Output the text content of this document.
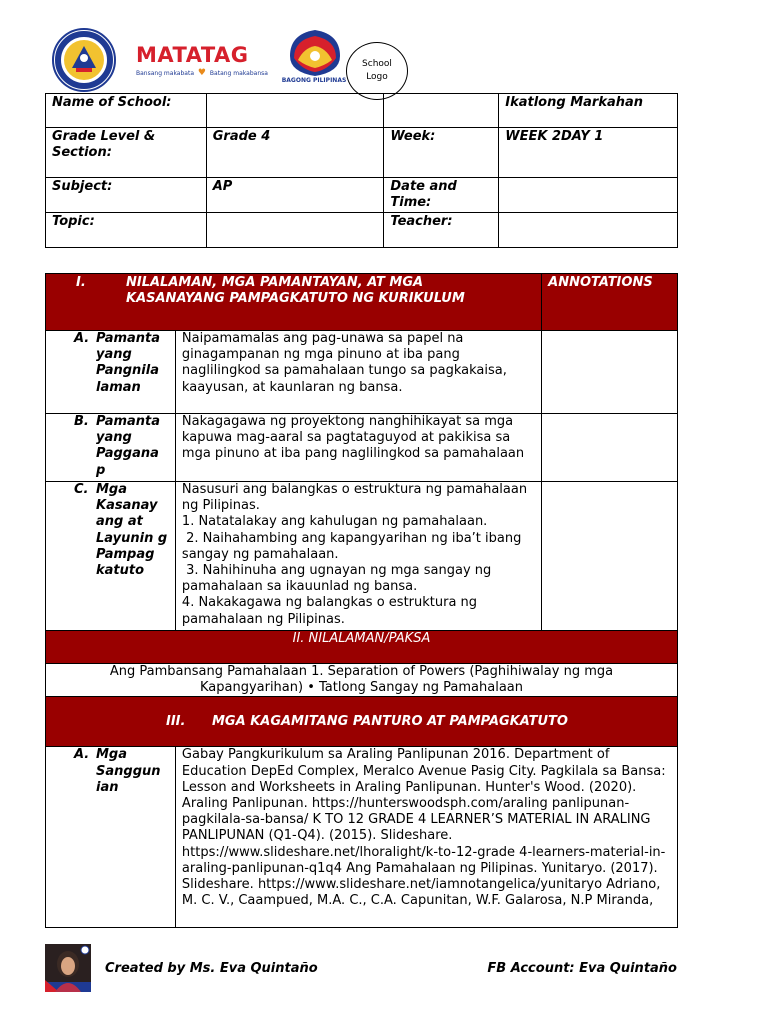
MATATAG
Bansang makabata ♥ Batang makabansa
BAGONG PILIPINAS
School
Logo
Name of School:			Ikatlong Markahan
Grade Level & Section:	Grade 4	Week:	WEEK 2DAY 1
Subject:	AP	Date and Time:	
Topic:		Teacher:	
I. NILALAMAN, MGA PAMANTAYAN, AT MGA KASANAYANG PAMPAGKATUTO NG KURIKULUM		ANNOTATIONS
A. Pamanta yang Pangnila laman	Naipamamalas ang pag-unawa sa papel na ginagampanan ng mga pinuno at iba pang naglilingkod sa pamahalaan tungo sa pagkakaisa, kaayusan, at kaunlaran ng bansa.	
B. Pamanta yang Paggana p	Nakagagawa ng proyektong nanghihikayat sa mga kapuwa mag-aaral sa pagtataguyod at pakikisa sa mga pinuno at iba pang naglilingkod sa pamahalaan	
C. Mga Kasanay ang at Layunin g Pampag katuto	Nasusuri ang balangkas o estruktura ng pamahalaan ng Pilipinas.
1. Natatalakay ang kahulugan ng pamahalaan.
2. Naihahambing ang kapangyarihan ng iba’t ibang sangay ng pamahalaan.
3. Nahihinuha ang ugnayan ng mga sangay ng pamahalaan sa ikauunlad ng bansa.
4. Nakakagawa ng balangkas o estruktura ng pamahalaan ng Pilipinas.	

II. NILALAMAN/PAKSA		
Ang Pambansang Pamahalaan 1. Separation of Powers (Paghihiwalay ng mga Kapangyarihan) • Tatlong Sangay ng Pamahalaan		
III. MGA KAGAMITANG PANTURO AT PAMPAGKATUTO		
A. Mga Sanggun ian	Gabay Pangkurikulum sa Araling Panlipunan 2016. Department of Education DepEd Complex, Meralco Avenue Pasig City. Pagkilala sa Bansa: Lesson and Worksheets in Araling Panlipunan. Hunter's Wood. (2020). Araling Panlipunan. https://hunterswoodsph.com/araling panlipunan-pagkilala-sa-bansa/ K TO 12 GRADE 4 LEARNER’S MATERIAL IN ARALING PANLIPUNAN (Q1-Q4). (2015). Slideshare. https://www.slideshare.net/lhoralight/k-to-12-grade 4-learners-material-in-araling-panlipunan-q1q4 Ang Pamahalaan ng Pilipinas. Yunitaryo. (2017). Slideshare. https://www.slideshare.net/iamnotangelica/yunitaryo Adriano, M. C. V., Caampued, M.A. C., C.A. Capunitan, W.F. Galarosa, N.P Miranda,	
Created by Ms. Eva Quintaño	FB Account: Eva Quintaño
